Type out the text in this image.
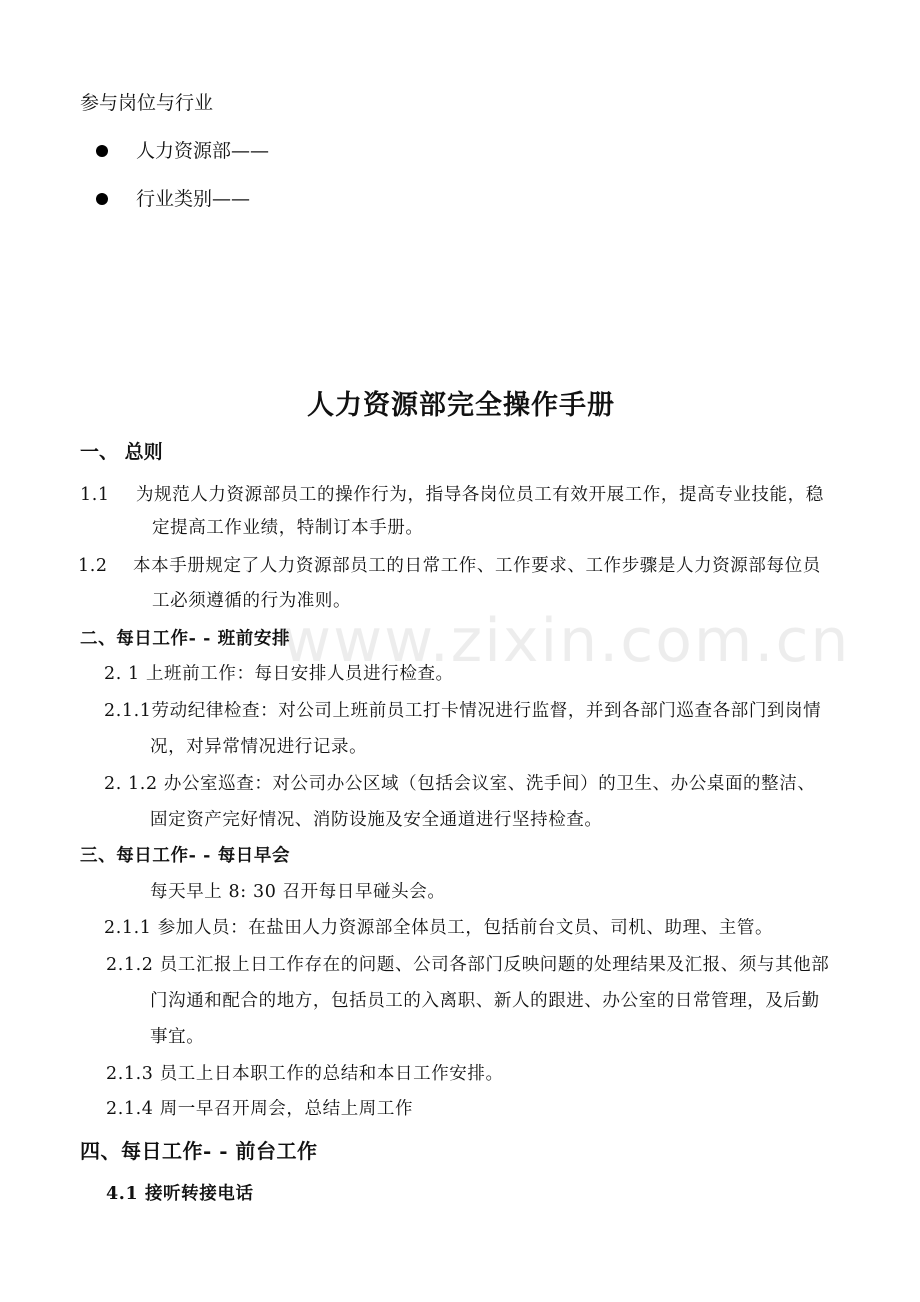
www.zixin.com.cn
参与岗位与行业
人力资源部——
行业类别——
人力资源部完全操作手册
一、 总则
1.1 为规范人力资源部员工的操作行为，指导各岗位员工有效开展工作，提高专业技能，稳
定提高工作业绩，特制订本手册。
1.2 本本手册规定了人力资源部员工的日常工作、工作要求、工作步骤是人力资源部每位员
工必须遵循的行为准则。
二、每日工作- - 班前安排
2. 1 上班前工作：每日安排人员进行检查。
2.1.1劳动纪律检查：对公司上班前员工打卡情况进行监督，并到各部门巡查各部门到岗情
况，对异常情况进行记录。
2. 1.2 办公室巡查：对公司办公区域（包括会议室、洗手间）的卫生、办公桌面的整洁、
固定资产完好情况、消防设施及安全通道进行坚持检查。
三、每日工作- - 每日早会
每天早上 8: 30 召开每日早碰头会。
2.1.1 参加人员：在盐田人力资源部全体员工，包括前台文员、司机、助理、主管。
2.1.2 员工汇报上日工作存在的问题、公司各部门反映问题的处理结果及汇报、须与其他部
门沟通和配合的地方，包括员工的入离职、新人的跟进、办公室的日常管理，及后勤
事宜。
2.1.3 员工上日本职工作的总结和本日工作安排。
2.1.4 周一早召开周会，总结上周工作
四、每日工作- - 前台工作
4.1 接听转接电话
